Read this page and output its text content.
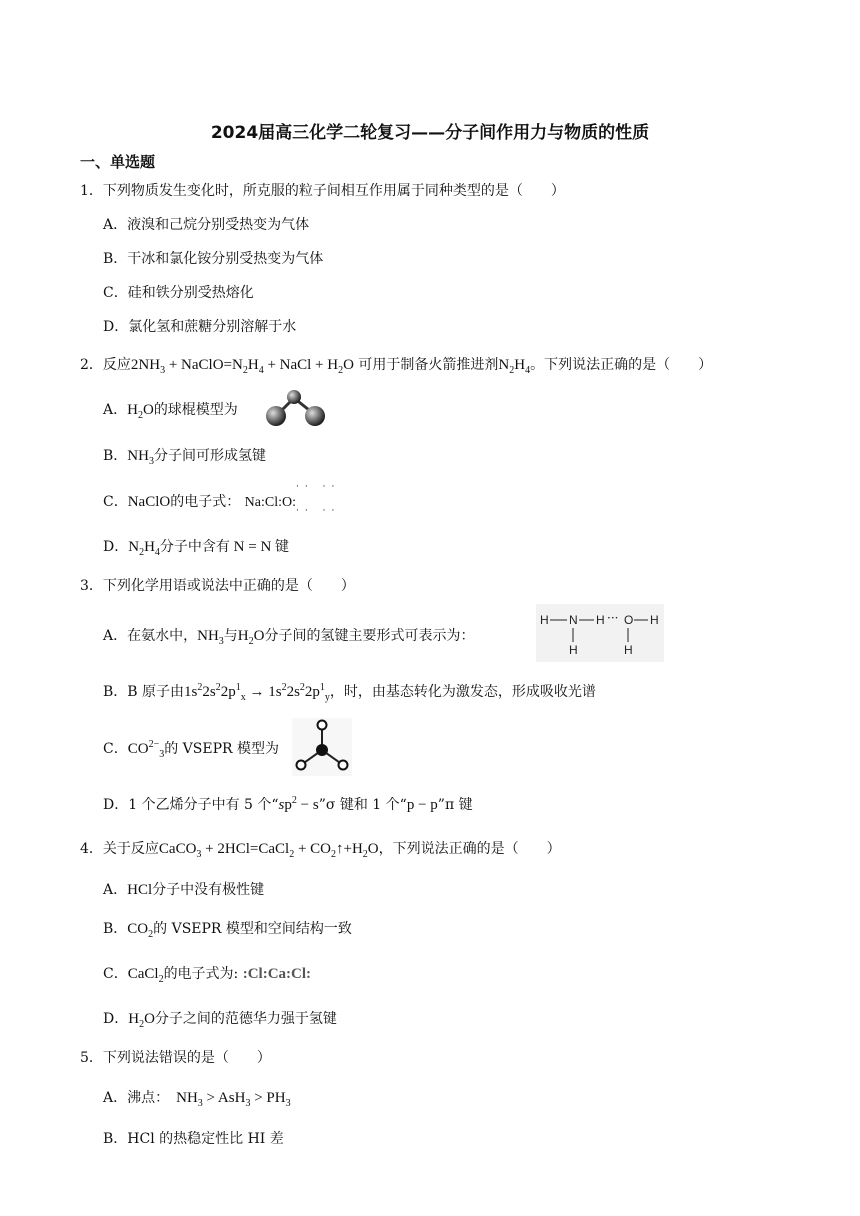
2024届高三化学二轮复习——分子间作用力与物质的性质
一、单选题
1．下列物质发生变化时，所克服的粒子间相互作用属于同种类型的是（　　）
A．液溴和己烷分别受热变为气体
B．干冰和氯化铵分别受热变为气体
C．硅和铁分别受热熔化
D．氯化氢和蔗糖分别溶解于水
2．反应$2NH_3$ + $NaClO=N_2H_4$ + NaCl + $H_2O$ 可用于制备火箭推进剂$N_2H_4$。下列说法正确的是（　　）
A．$H_2O$的球棍模型为
B．$NH_3$分子间可形成氢键
C．NaClO的电子式： Na:Cl:O:
·· ··
·· ··
D．$N_2H_4$分子中含有 N = N 键
3．下列化学用语或说法中正确的是（　　）
A．在氨水中，$NH_3$与$H_2O$分子间的氢键主要形式可表示为：
H N H O H
H	H
···
B．B 原子由$1s^22s^22p^1_x \to 1s^22s^22p^1_y$，时，由基态转化为激发态，形成吸收光谱
C．$CO^{2-}_3$的 VSEPR 模型为
D．1 个乙烯分子中有 5 个“$sp^2$ − s”σ 键和 1 个“p − p”π 键
4．关于反应CaCO$_3$ + 2HCl=CaCl$_2$ + $CO_2↑+H_2O$，下列说法正确的是（　　）
A．HCl分子中没有极性键
B．$CO_2$的 VSEPR 模型和空间结构一致
C．CaCl$_2$的电子式为: :Cl:Ca:Cl:
D．$H_2O$分子之间的范德华力强于氢键
5．下列说法错误的是（　　）
A．沸点：　 $NH_3 > AsH_3 > PH_3$
B．HCl 的热稳定性比 HI 差
